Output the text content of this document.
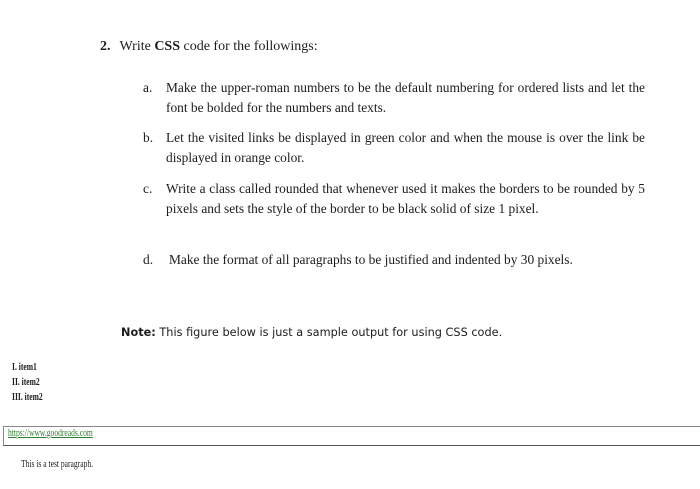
2. Write CSS code for the followings:
a. Make the upper-roman numbers to be the default numbering for ordered lists and let the font be bolded for the numbers and texts.
b. Let the visited links be displayed in green color and when the mouse is over the link be displayed in orange color.
c. Write a class called rounded that whenever used it makes the borders to be rounded by 5 pixels and sets the style of the border to be black solid of size 1 pixel.
d. Make the format of all paragraphs to be justified and indented by 30 pixels.
Note: This figure below is just a sample output for using CSS code.
I. item1
II. item2
III. item2
https://www.goodreads.com
This is a test paragraph.
